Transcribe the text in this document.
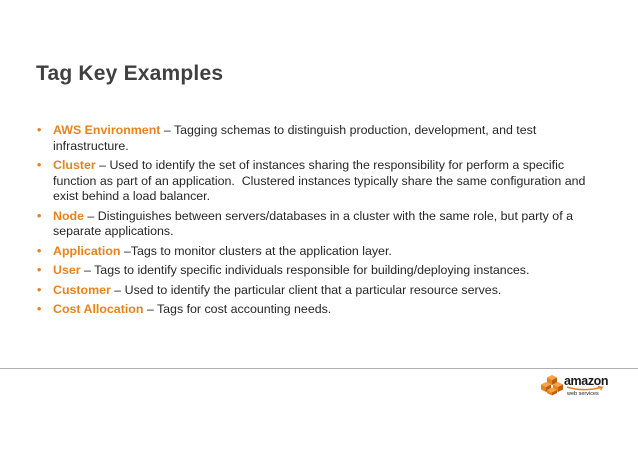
Tag Key Examples
• AWS Environment – Tagging schemas to distinguish production, development, and test infrastructure.
• Cluster – Used to identify the set of instances sharing the responsibility for perform a specific function as part of an application.  Clustered instances typically share the same configuration and exist behind a load balancer.
• Node – Distinguishes between servers/databases in a cluster with the same role, but party of a separate applications.
• Application –Tags to monitor clusters at the application layer.
• User – Tags to identify specific individuals responsible for building/deploying instances.
• Customer – Used to identify the particular client that a particular resource serves.
• Cost Allocation – Tags for cost accounting needs.
amazon
web services
